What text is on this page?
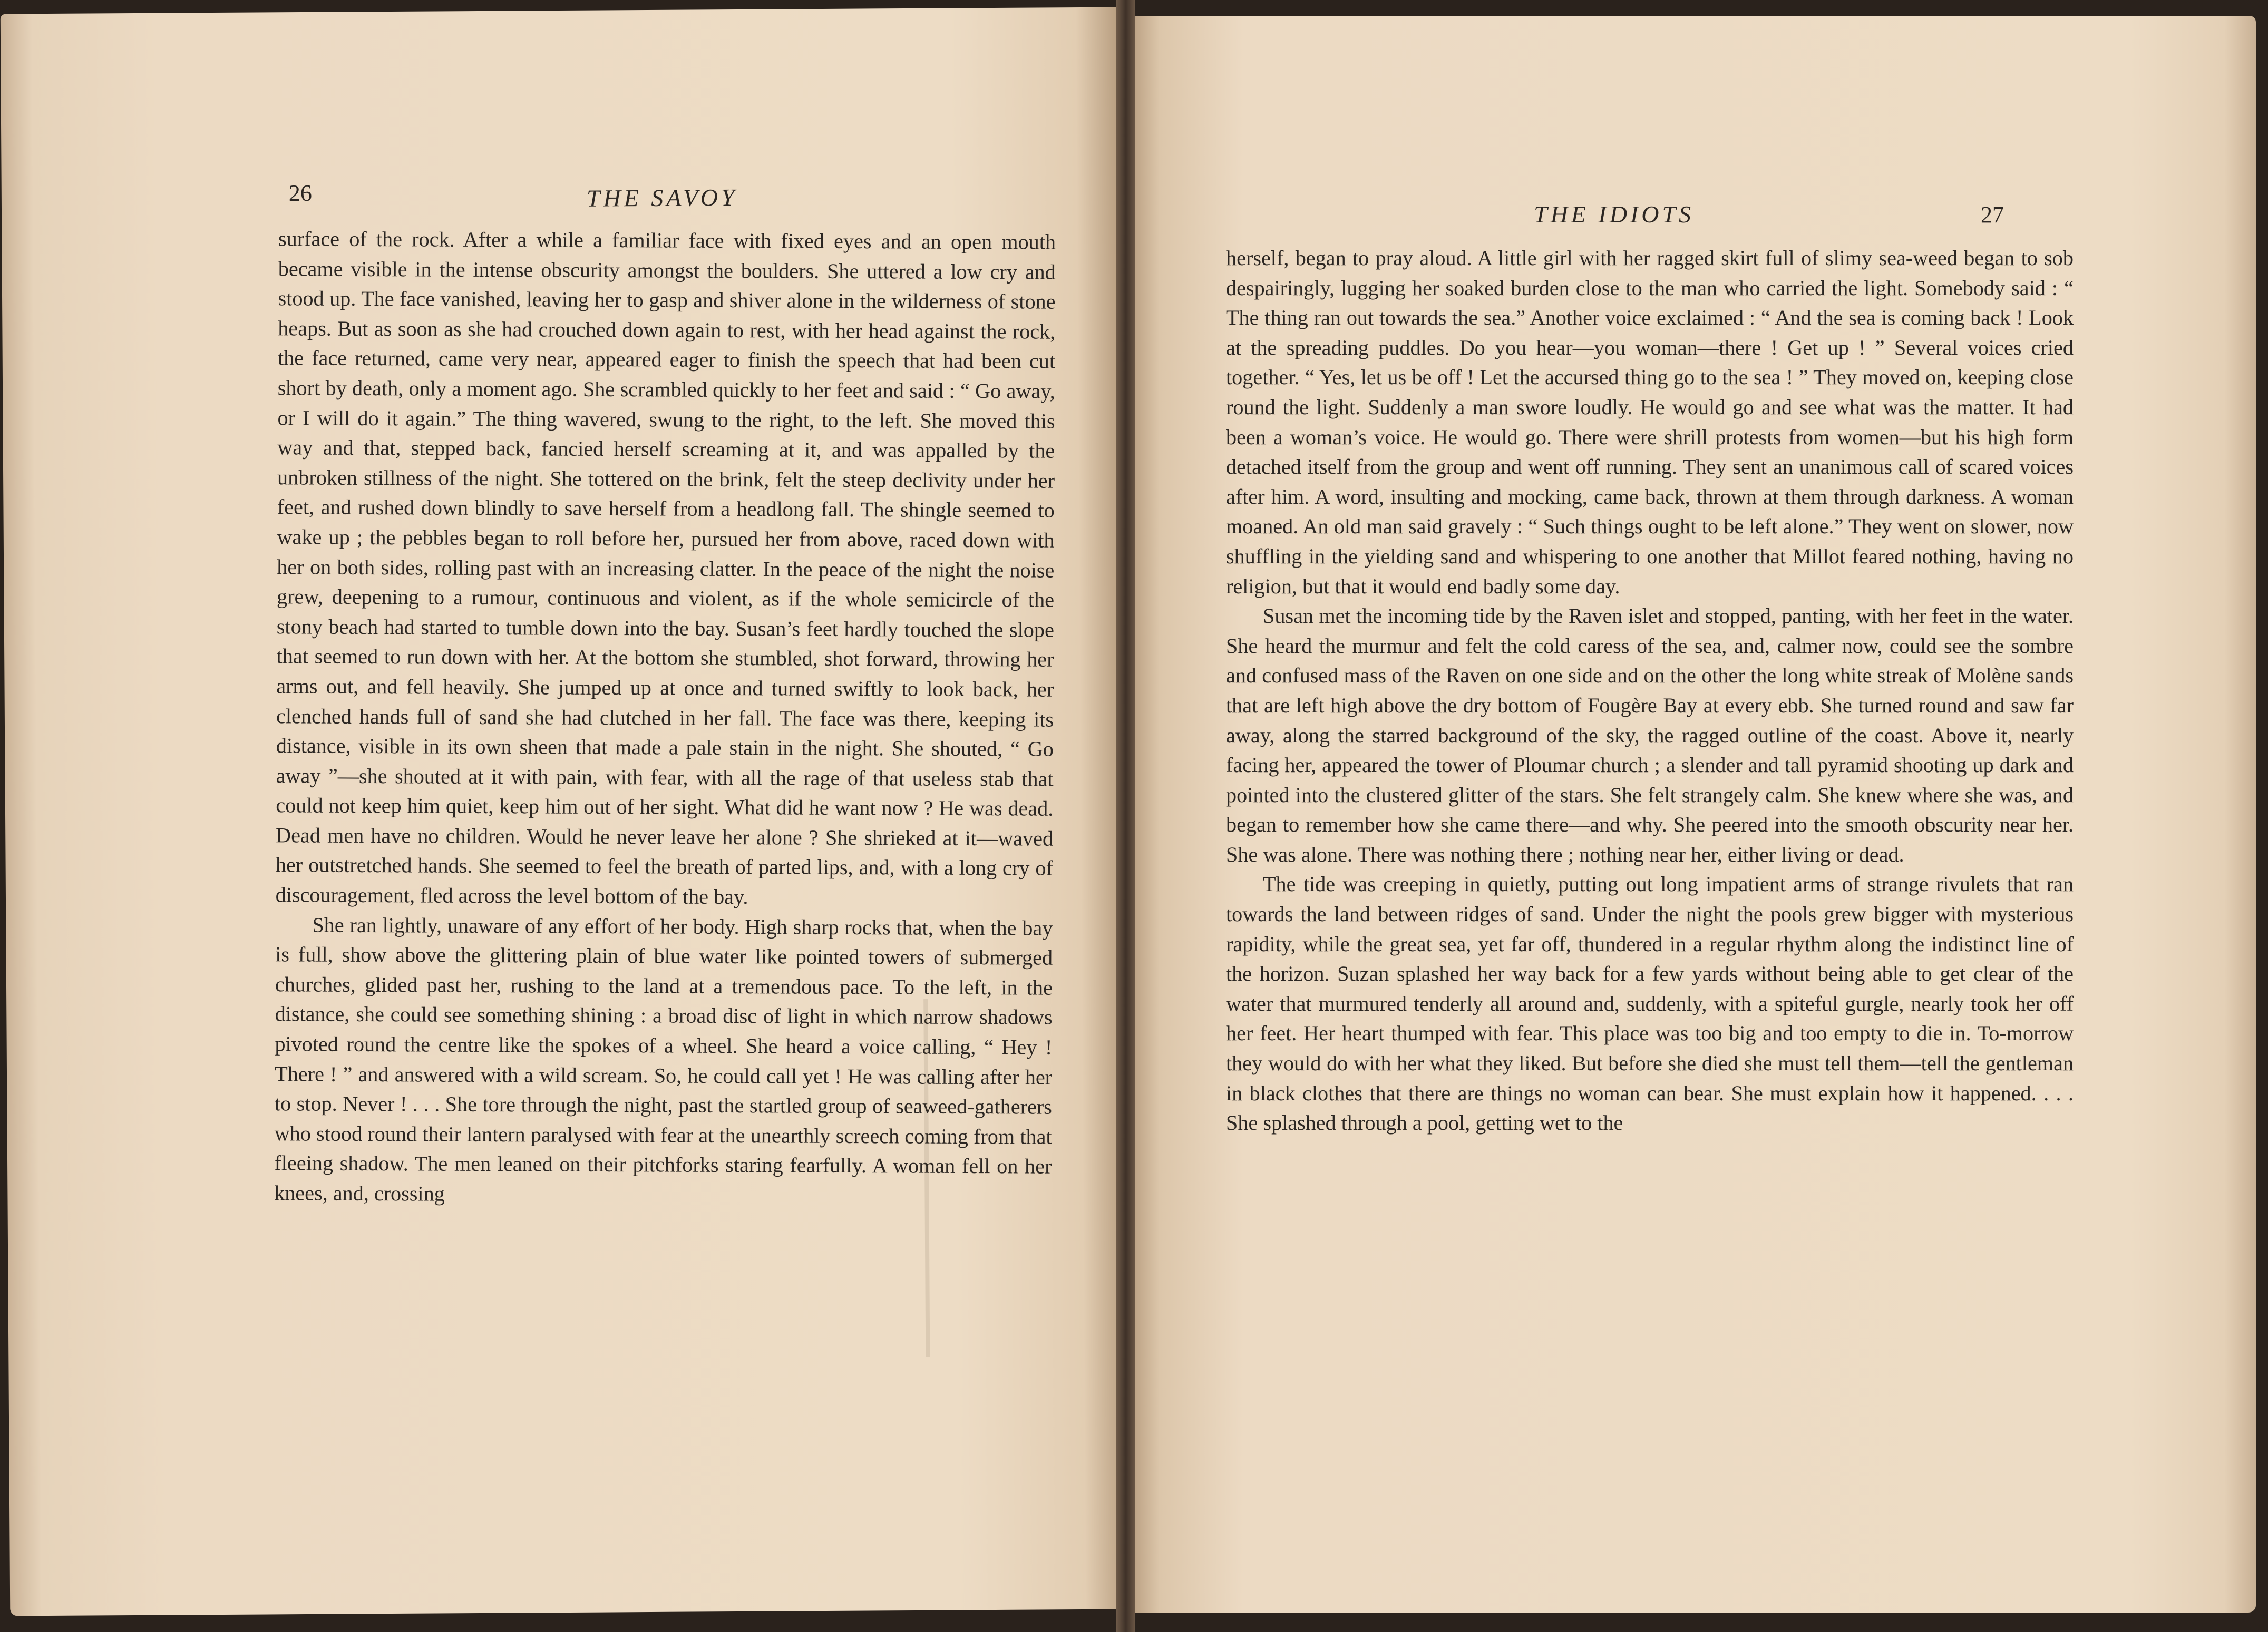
26	THE SAVOY

surface of the rock. After a while a familiar face with fixed eyes and an open mouth became visible in the intense obscurity amongst the boulders. She uttered a low cry and stood up. The face vanished, leaving her to gasp and shiver alone in the wilderness of stone heaps. But as soon as she had crouched down again to rest, with her head against the rock, the face returned, came very near, appeared eager to finish the speech that had been cut short by death, only a moment ago. She scrambled quickly to her feet and said : “ Go away, or I will do it again.” The thing wavered, swung to the right, to the left. She moved this way and that, stepped back, fancied herself screaming at it, and was appalled by the unbroken stillness of the night. She tottered on the brink, felt the steep declivity under her feet, and rushed down blindly to save herself from a headlong fall. The shingle seemed to wake up ; the pebbles began to roll before her, pursued her from above, raced down with her on both sides, rolling past with an increasing clatter. In the peace of the night the noise grew, deepening to a rumour, continuous and violent, as if the whole semicircle of the stony beach had started to tumble down into the bay. Susan’s feet hardly touched the slope that seemed to run down with her. At the bottom she stumbled, shot forward, throwing her arms out, and fell heavily. She jumped up at once and turned swiftly to look back, her clenched hands full of sand she had clutched in her fall. The face was there, keeping its distance, visible in its own sheen that made a pale stain in the night. She shouted, “ Go away ”—she shouted at it with pain, with fear, with all the rage of that useless stab that could not keep him quiet, keep him out of her sight. What did he want now ? He was dead. Dead men have no children. Would he never leave her alone ? She shrieked at it—waved her outstretched hands. She seemed to feel the breath of parted lips, and, with a long cry of discouragement, fled across the level bottom of the bay.

She ran lightly, unaware of any effort of her body. High sharp rocks that, when the bay is full, show above the glittering plain of blue water like pointed towers of submerged churches, glided past her, rushing to the land at a tremendous pace. To the left, in the distance, she could see something shining : a broad disc of light in which narrow shadows pivoted round the centre like the spokes of a wheel. She heard a voice calling, “ Hey ! There ! ” and answered with a wild scream. So, he could call yet ! He was calling after her to stop. Never ! . . . She tore through the night, past the startled group of seaweed-gatherers who stood round their lantern paralysed with fear at the unearthly screech coming from that fleeing shadow. The men leaned on their pitchforks staring fearfully. A woman fell on her knees, and, crossing

THE IDIOTS	27

herself, began to pray aloud. A little girl with her ragged skirt full of slimy sea-weed began to sob despairingly, lugging her soaked burden close to the man who carried the light. Somebody said : “ The thing ran out towards the sea.” Another voice exclaimed : “ And the sea is coming back ! Look at the spreading puddles. Do you hear—you woman—there ! Get up ! ” Several voices cried together. “ Yes, let us be off ! Let the accursed thing go to the sea ! ” They moved on, keeping close round the light. Suddenly a man swore loudly. He would go and see what was the matter. It had been a woman’s voice. He would go. There were shrill protests from women—but his high form detached itself from the group and went off running. They sent an unanimous call of scared voices after him. A word, insulting and mocking, came back, thrown at them through darkness. A woman moaned. An old man said gravely : “ Such things ought to be left alone.” They went on slower, now shuffling in the yielding sand and whispering to one another that Millot feared nothing, having no religion, but that it would end badly some day.

Susan met the incoming tide by the Raven islet and stopped, panting, with her feet in the water. She heard the murmur and felt the cold caress of the sea, and, calmer now, could see the sombre and confused mass of the Raven on one side and on the other the long white streak of Molène sands that are left high above the dry bottom of Fougère Bay at every ebb. She turned round and saw far away, along the starred background of the sky, the ragged outline of the coast. Above it, nearly facing her, appeared the tower of Ploumar church ; a slender and tall pyramid shooting up dark and pointed into the clustered glitter of the stars. She felt strangely calm. She knew where she was, and began to remember how she came there—and why. She peered into the smooth obscurity near her. She was alone. There was nothing there ; nothing near her, either living or dead.

The tide was creeping in quietly, putting out long impatient arms of strange rivulets that ran towards the land between ridges of sand. Under the night the pools grew bigger with mysterious rapidity, while the great sea, yet far off, thundered in a regular rhythm along the indistinct line of the horizon. Suzan splashed her way back for a few yards without being able to get clear of the water that murmured tenderly all around and, suddenly, with a spiteful gurgle, nearly took her off her feet. Her heart thumped with fear. This place was too big and too empty to die in. To-morrow they would do with her what they liked. But before she died she must tell them—tell the gentleman in black clothes that there are things no woman can bear. She must explain how it happened. . . . She splashed through a pool, getting wet to the
